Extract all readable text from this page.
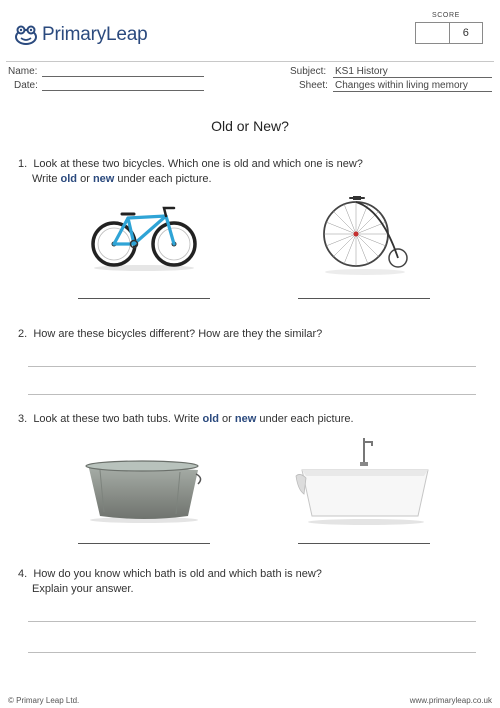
PrimaryLeap
SCORE
6
Name:
Date:
Subject: KS1 History
Sheet: Changes within living memory
Old or New?
1. Look at these two bicycles. Which one is old and which one is new?
Write old or new under each picture.
2. How are these bicycles different? How are they the similar?
3. Look at these two bath tubs. Write old or new under each picture.
4. How do you know which bath is old and which bath is new?
Explain your answer.
© Primary Leap Ltd.	www.primaryleap.co.uk
